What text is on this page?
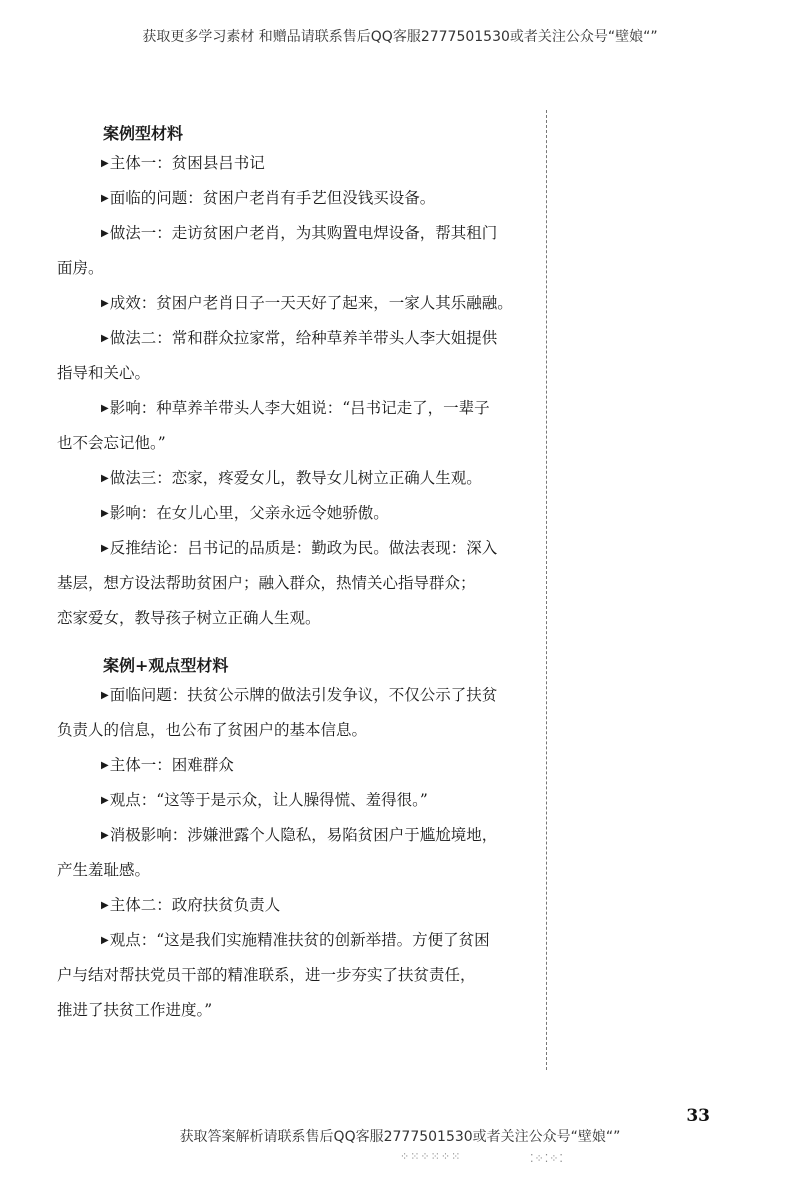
获取更多学习素材 和赠品请联系售后QQ客服2777501530或者关注公众号“壁娘“”
案例型材料
▶主体一：贫困县吕书记
▶面临的问题：贫困户老肖有手艺但没钱买设备。
▶做法一：走访贫困户老肖，为其购置电焊设备，帮其租门
面房。
▶成效：贫困户老肖日子一天天好了起来，一家人其乐融融。
▶做法二：常和群众拉家常，给种草养羊带头人李大姐提供
指导和关心。
▶影响：种草养羊带头人李大姐说：“吕书记走了，一辈子
也不会忘记他。”
▶做法三：恋家，疼爱女儿，教导女儿树立正确人生观。
▶影响：在女儿心里，父亲永远令她骄傲。
▶反推结论：吕书记的品质是：勤政为民。做法表现：深入
基层，想方设法帮助贫困户；融入群众，热情关心指导群众；
恋家爱女，教导孩子树立正确人生观。
案例+观点型材料
▶面临问题：扶贫公示牌的做法引发争议，不仅公示了扶贫
负责人的信息，也公布了贫困户的基本信息。
▶主体一：困难群众
▶观点：“这等于是示众，让人臊得慌、羞得很。”
▶消极影响：涉嫌泄露个人隐私，易陷贫困户于尴尬境地，
产生羞耻感。
▶主体二：政府扶贫负责人
▶观点：“这是我们实施精准扶贫的创新举措。方便了贫困
户与结对帮扶党员干部的精准联系，进一步夯实了扶贫责任，
推进了扶贫工作进度。”
33
获取答案解析请联系售后QQ客服2777501530或者关注公众号“壁娘“”
⁘⁙⁘⁙⁘⁙	⁚⁘⁚⁘⁚
